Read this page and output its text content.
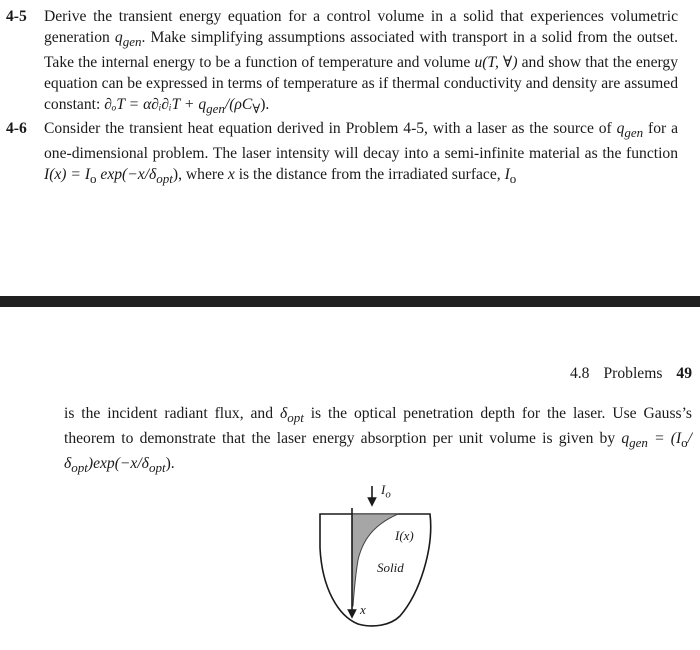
4-5 Derive the transient energy equation for a control volume in a solid that experiences volumetric generation $q_{gen}$. Make simplifying assumptions associated with transport in a solid from the outset. Take the internal energy to be a function of temperature and volume u(T, ∀) and show that the energy equation can be expressed in terms of temperature as if thermal conductivity and density are assumed constant: ∂ₒT = α∂ᵢ∂ᵢT + $q_{gen}/(\rho C_\forall)$.
4-6 Consider the transient heat equation derived in Problem 4-5, with a laser as the source of $q_{gen}$ for a one-dimensional problem. The laser intensity will decay into a semi-infinite material as the function $I(x) = I_o$ $\exp(-x/\delta_{opt})$, where x is the distance from the irradiated surface, $I_o$
4.8 Problems 49
is the incident radiant flux, and $\delta_{opt}$ is the optical penetration depth for the laser. Use Gauss’s theorem to demonstrate that the laser energy absorption per unit volume is given by $q_{gen} = (I_o/\delta_{opt})\exp(-x/\delta_{opt})$.
$I_o$
I(x)
Solid
x
